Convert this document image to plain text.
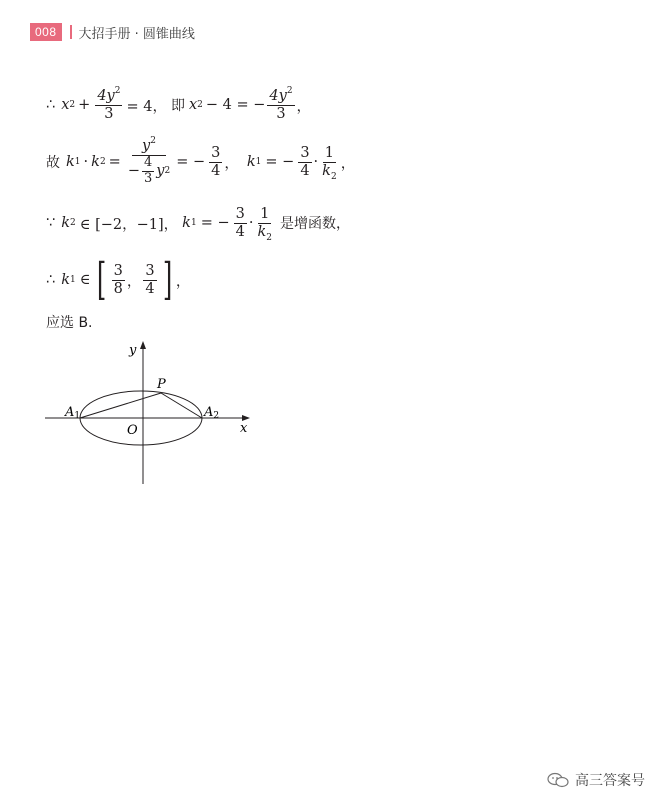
008	大招手册 · 圆锥曲线
∴ x $2 + \frac{4y^2}{3} = 4$， 即 x 2 − 4 = − $\frac{4y^2}{3}$ ，
故 k 1 · k $2 = \frac{y^2}{- \frac{4}{3} y 2}$ = − $\frac{3}{4}$ ， k 1 = − $\frac{3}{4} \cdot \frac{1}{k_2}$ ，
∵ k 2 ∈ [−2，−1]， k 1 = − $\frac{3}{4} \cdot \frac{1}{k_2}$ 是增函数，
∴ k 1 ∈ [ $\frac{3}{8}$ ， $\frac{3}{4}$ ] ，
应选 B.
y
x
O
P
A1	A2
高三答案号
